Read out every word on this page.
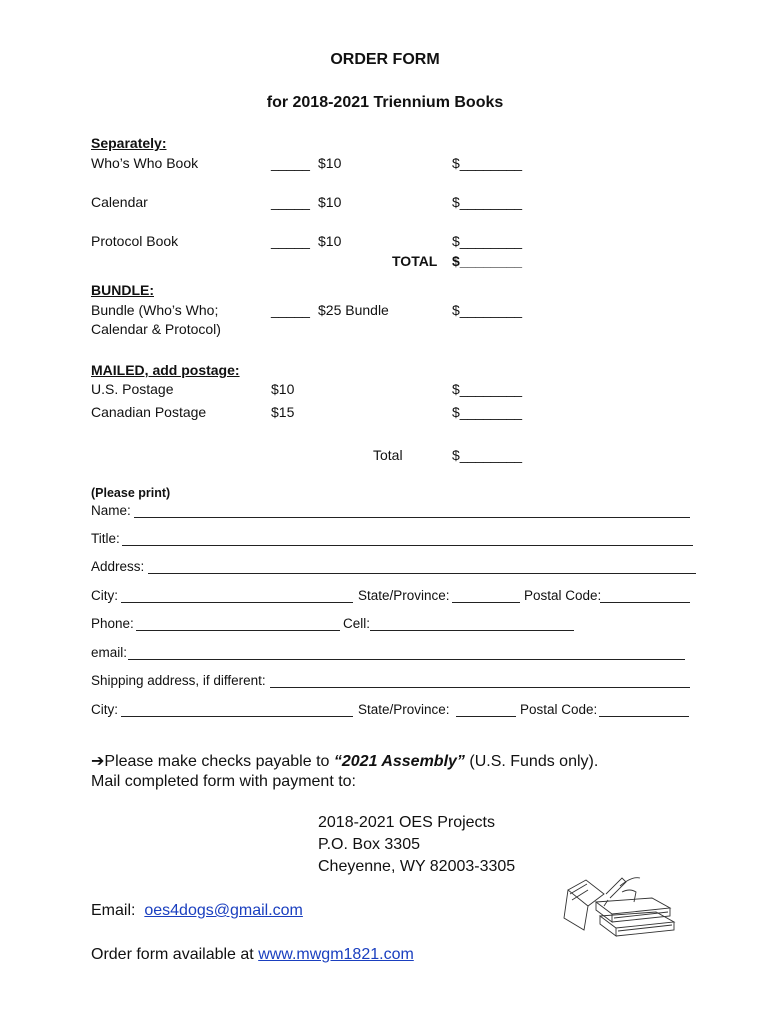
ORDER FORM
for 2018-2021 Triennium Books
Separately:
Who’s Who Book	_____ $10	$________
Calendar	_____ $10	$________
Protocol Book	_____ $10	$________
TOTAL $________
BUNDLE:
Bundle (Who’s Who;
Calendar & Protocol)
_____ $25 Bundle	$________
MAILED, add postage:
U.S. Postage	$10	$________
Canadian Postage	$15	$________
Total	$________
(Please print)
Name:
Title:
Address:
City:	State/Province:	Postal Code:
Phone:	Cell:
email:
Shipping address, if different:
City:	State/Province:	Postal Code:
➔Please make checks payable to “2021 Assembly” (U.S. Funds only).
Mail completed form with payment to:
2018-2021 OES Projects
P.O. Box 3305
Cheyenne, WY 82003-3305
Email: oes4dogs@gmail.com
Order form available at www.mwgm1821.com
